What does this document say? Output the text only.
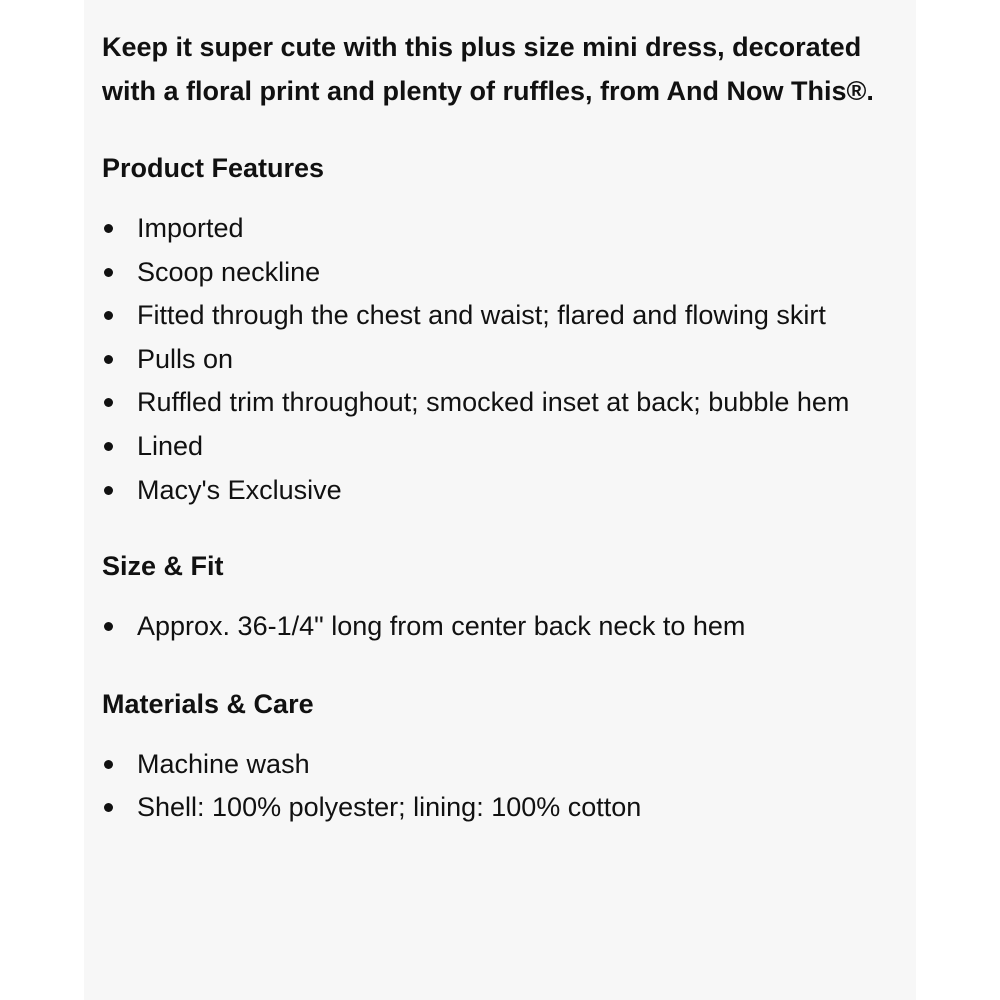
Keep it super cute with this plus size mini dress, decorated with a floral print and plenty of ruffles, from And Now This®.

Product Features
Imported
Scoop neckline
Fitted through the chest and waist; flared and flowing skirt
Pulls on
Ruffled trim throughout; smocked inset at back; bubble hem
Lined
Macy's Exclusive
Size & Fit
Approx. 36-1/4" long from center back neck to hem
Materials & Care
Machine wash
Shell: 100% polyester; lining: 100% cotton
